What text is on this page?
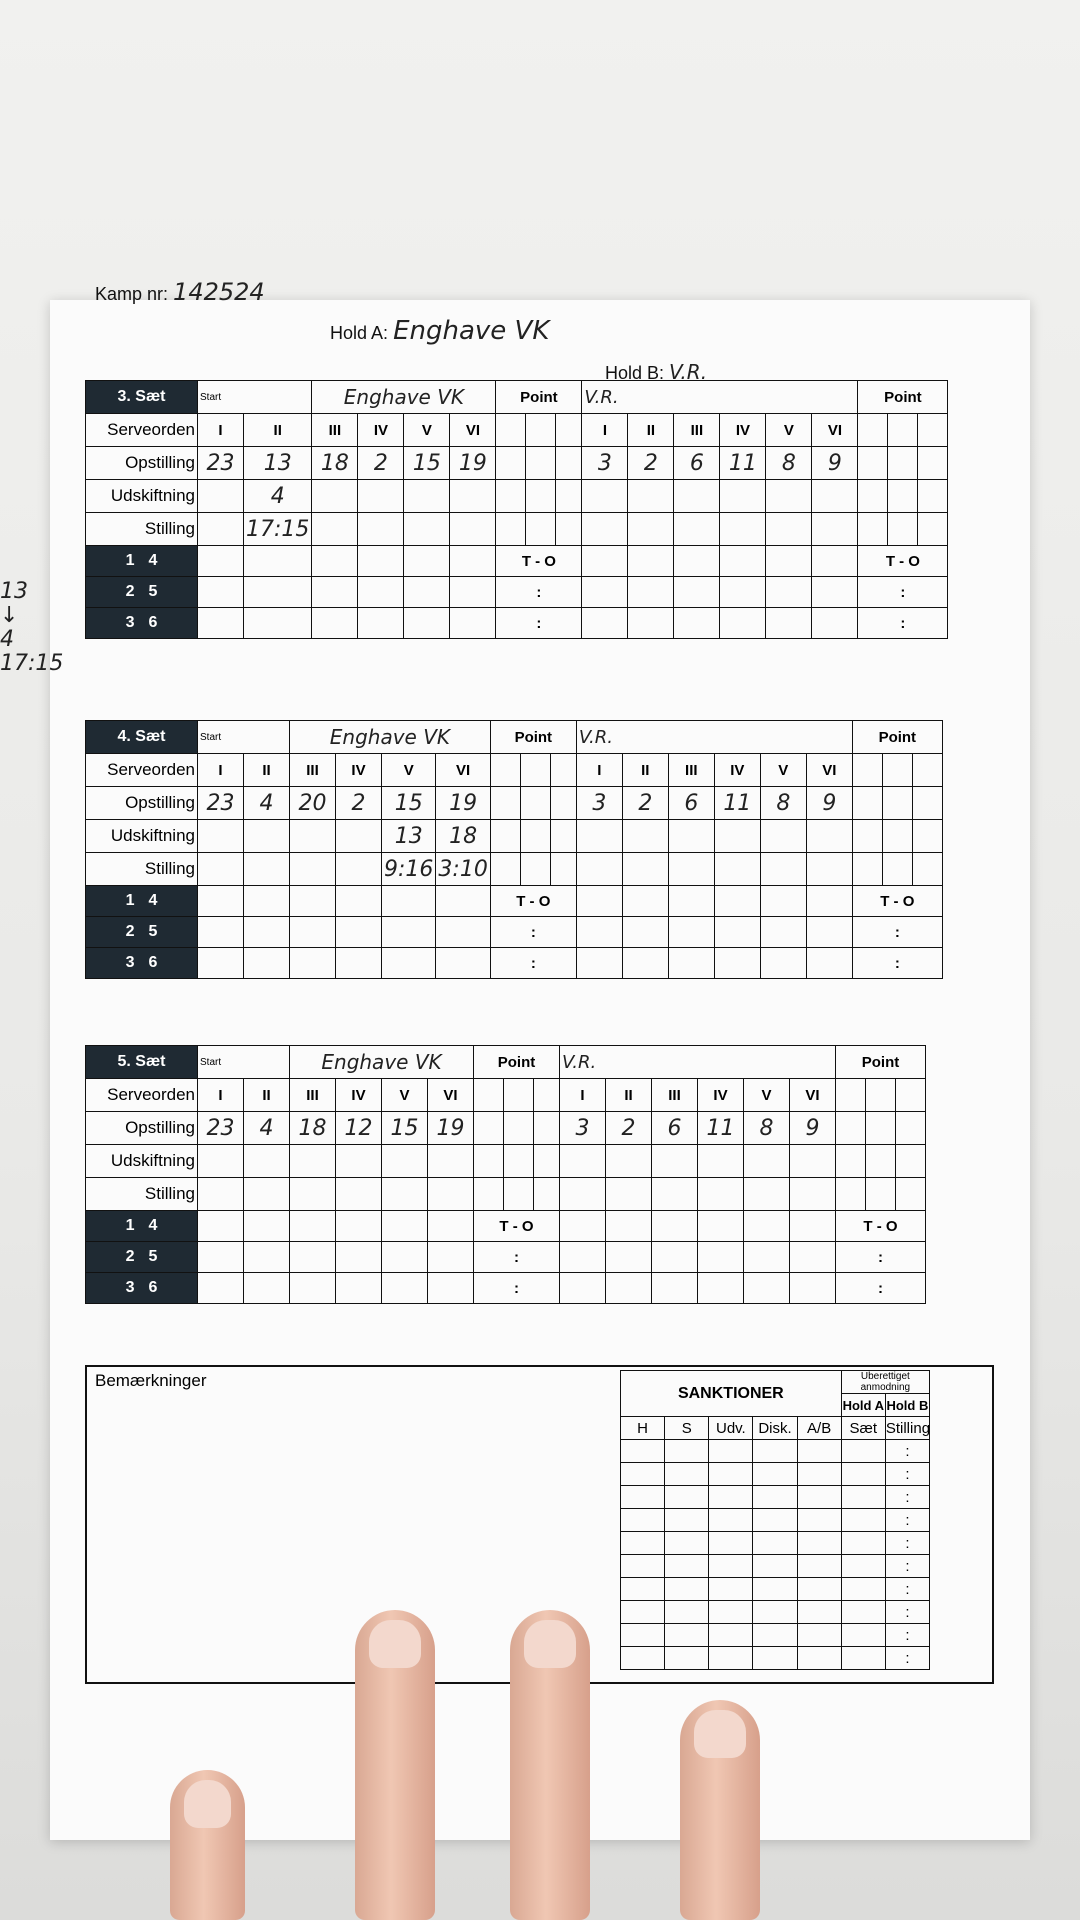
Kamp nr: 142524
Hold A: Enghave VK
Hold B: V.R.
3. Sæt	Start		Enghave VK				Point			V.R.						Point		
Serveorden	I	II	III	IV	V	VI				I	II	III	IV	V	VI			
Opstilling	23	13	18	2	15	19				3	2	6	11	8	9			
Udskiftning		4																
Stilling		17:15																
1 4							T - O									T - O		
2 5							:									:		
3 6							:									:		
4. Sæt	Start		Enghave VK				Point			V.R.						Point		
Serveorden	I	II	III	IV	V	VI				I	II	III	IV	V	VI			
Opstilling	23	4	20	2	15	19				3	2	6	11	8	9			
Udskiftning					13	18												
Stilling					9:16	3:10												
1 4							T - O									T - O		
2 5							:									:		
3 6							:									:		
5. Sæt	Start		Enghave VK				Point			V.R.						Point		
Serveorden	I	II	III	IV	V	VI				I	II	III	IV	V	VI			
Opstilling	23	4	18	12	15	19				3	2	6	11	8	9			
Udskiftning																		
Stilling																		
1 4							T - O									T - O		
2 5							:									:		
3 6							:									:		
Bemærkninger
SANKTIONER					Uberettiget anmodning	
					Hold A	Hold B
H	S	Udv.	Disk.	A/B	Sæt	Stilling
						:
						:
						:
						:
						:
						:
						:
						:
						:
						:
13
↓
4
17:15
